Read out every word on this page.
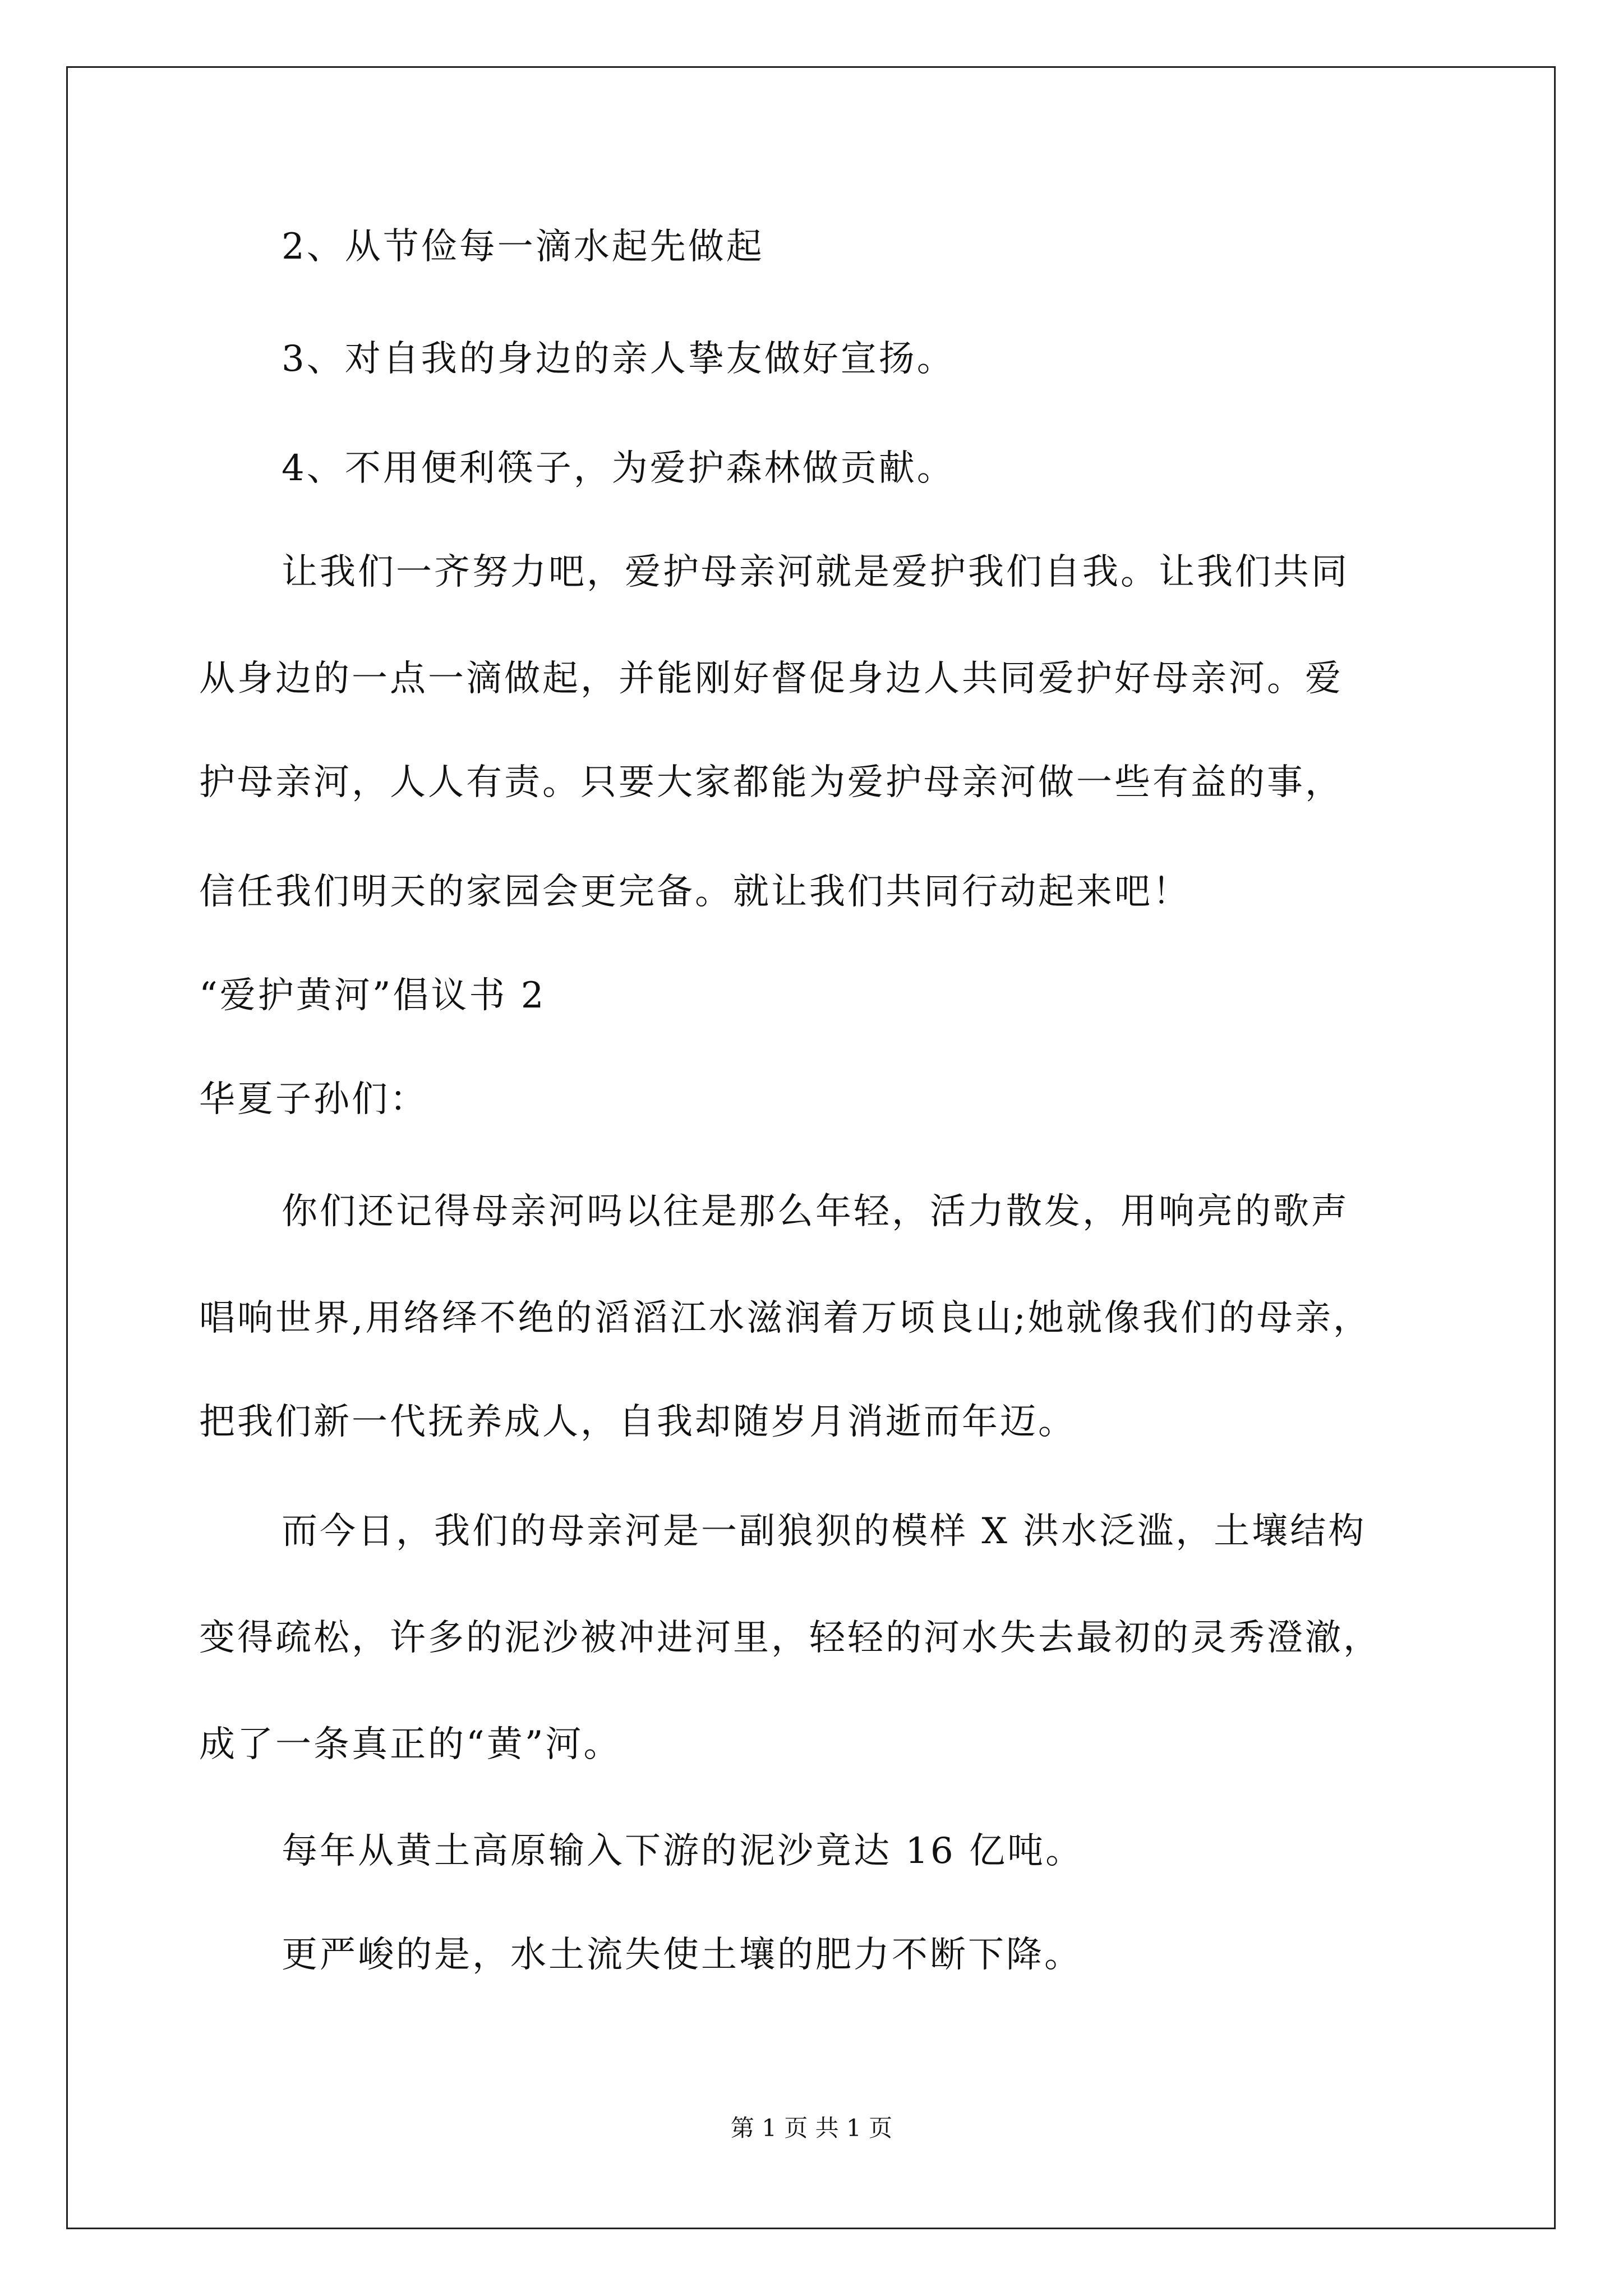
2、从节俭每一滴水起先做起
3、对自我的身边的亲人挚友做好宣扬。
4、不用便利筷子，为爱护森林做贡献。
让我们一齐努力吧，爱护母亲河就是爱护我们自我。让我们共同
从身边的一点一滴做起，并能刚好督促身边人共同爱护好母亲河。爱
护母亲河，人人有责。只要大家都能为爱护母亲河做一些有益的事，
信任我们明天的家园会更完备。就让我们共同行动起来吧！
“爱护黄河”倡议书 2
华夏子孙们：
你们还记得母亲河吗以往是那么年轻，活力散发，用响亮的歌声
唱响世界,用络绎不绝的滔滔江水滋润着万顷良山;她就像我们的母亲，
把我们新一代抚养成人，自我却随岁月消逝而年迈。
而今日，我们的母亲河是一副狼狈的模样 X 洪水泛滥，土壤结构
变得疏松，许多的泥沙被冲进河里，轻轻的河水失去最初的灵秀澄澈，
成了一条真正的“黄”河。
每年从黄土高原输入下游的泥沙竟达 16 亿吨。
更严峻的是，水土流失使土壤的肥力不断下降。
第 1 页 共 1 页
